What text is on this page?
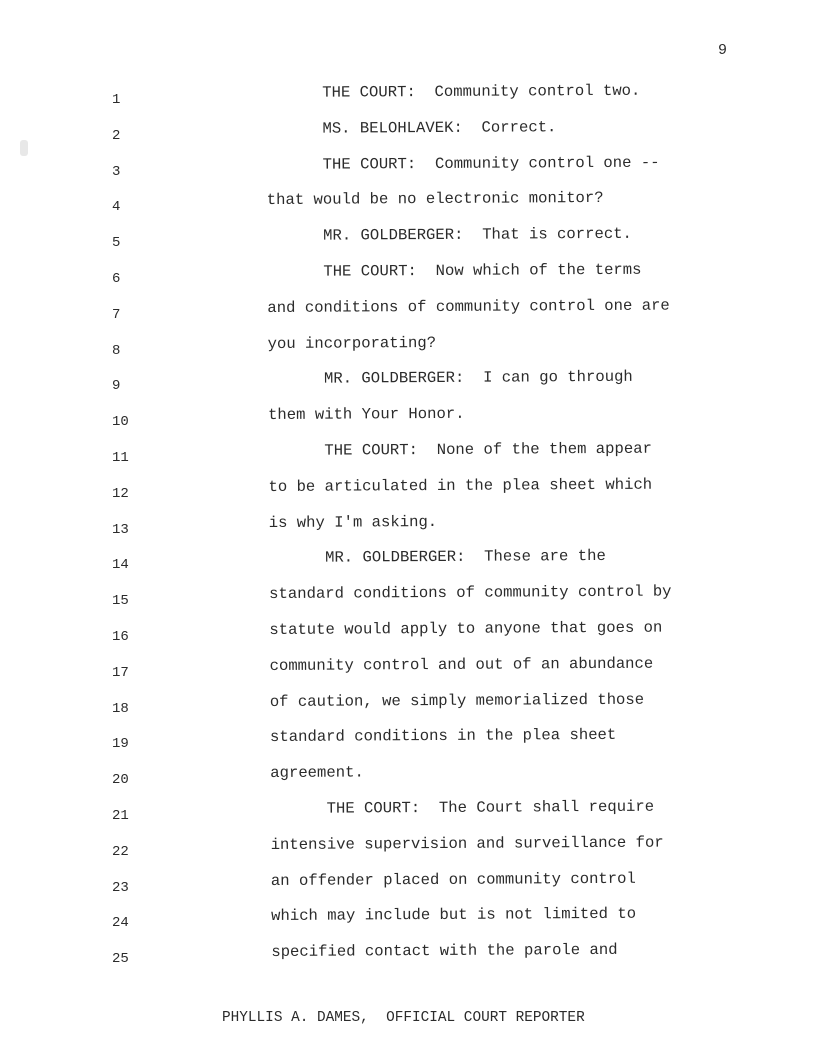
9
1
2
3
4
5
6
7
8
9
10
11
12
13
14
15
16
17
18
19
20
21
22
23
24
25
THE COURT:  Community control two.
MS. BELOHLAVEK:  Correct.
THE COURT:  Community control one --
that would be no electronic monitor?
MR. GOLDBERGER:  That is correct.
THE COURT:  Now which of the terms
and conditions of community control one are
you incorporating?
MR. GOLDBERGER:  I can go through
them with Your Honor.
THE COURT:  None of the them appear
to be articulated in the plea sheet which
is why I'm asking.
MR. GOLDBERGER:  These are the
standard conditions of community control by
statute would apply to anyone that goes on
community control and out of an abundance
of caution, we simply memorialized those
standard conditions in the plea sheet
agreement.
THE COURT:  The Court shall require
intensive supervision and surveillance for
an offender placed on community control
which may include but is not limited to
specified contact with the parole and
PHYLLIS A. DAMES,  OFFICIAL COURT REPORTER
